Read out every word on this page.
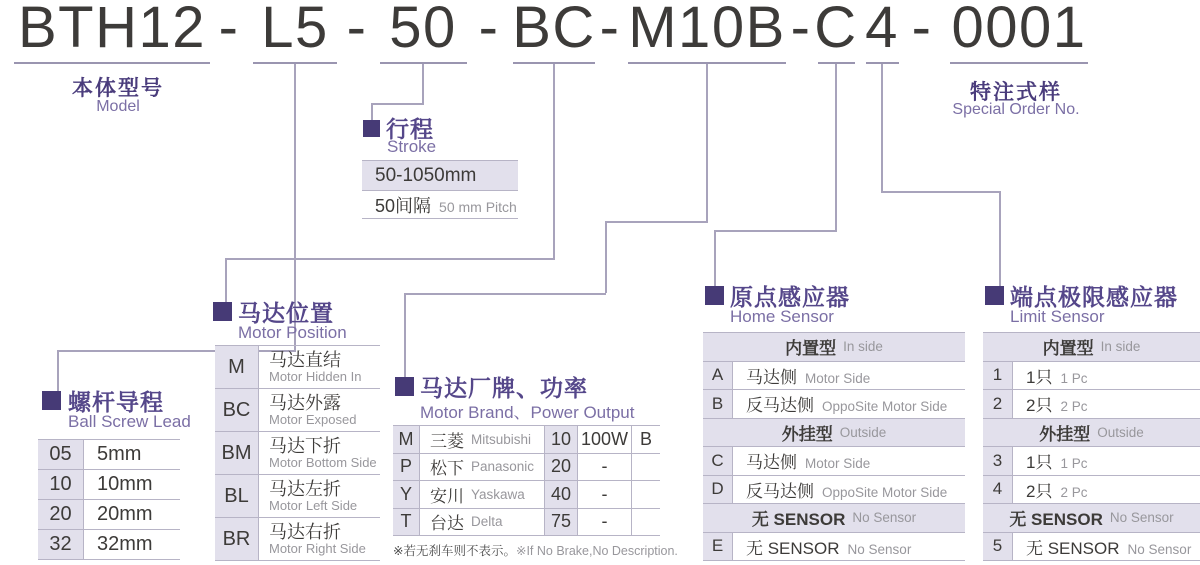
BTH12 - L5 - 50 - BC - M10B - C 4 - 0001
本体型号
Model
特注式样
Special Order No.
行程
Stroke
50-1050mm
50间隔 50 mm Pitch
螺杆导程
Ball Screw Lead
05	5mm
10	10mm
20	20mm
32	32mm
马达位置
Motor Position
M	马达直结
Motor Hidden In
BC	马达外露
Motor Exposed
BM 马达下折
Motor Bottom Side
BL	马达左折
Motor Left Side
BR	马达右折
Motor Right Side
马达厂牌、功率
Motor Brand、Power Output
M 三菱 Mitsubishi	10 100W B
P	松下 Panasonic 20	-
Y	安川 Yaskawa	40	-
T	台达 Delta	75	-
※若无刹车则不表示。※If No Brake,No Description.
原点感应器
Home Sensor
内置型 In side
A	马达侧 Motor Side
B	反马达侧 OppoSite Motor Side
外挂型 Outside
C	马达侧 Motor Side
D	反马达侧 OppoSite Motor Side
无 SENSOR No Sensor
E	无 SENSOR No Sensor
端点极限感应器
Limit Sensor
内置型 In side
1	1只 1 Pc
2	2只 2 Pc
外挂型 Outside
3	1只 1 Pc
4	2只 2 Pc
无 SENSOR No Sensor
5	无 SENSOR No Sensor
